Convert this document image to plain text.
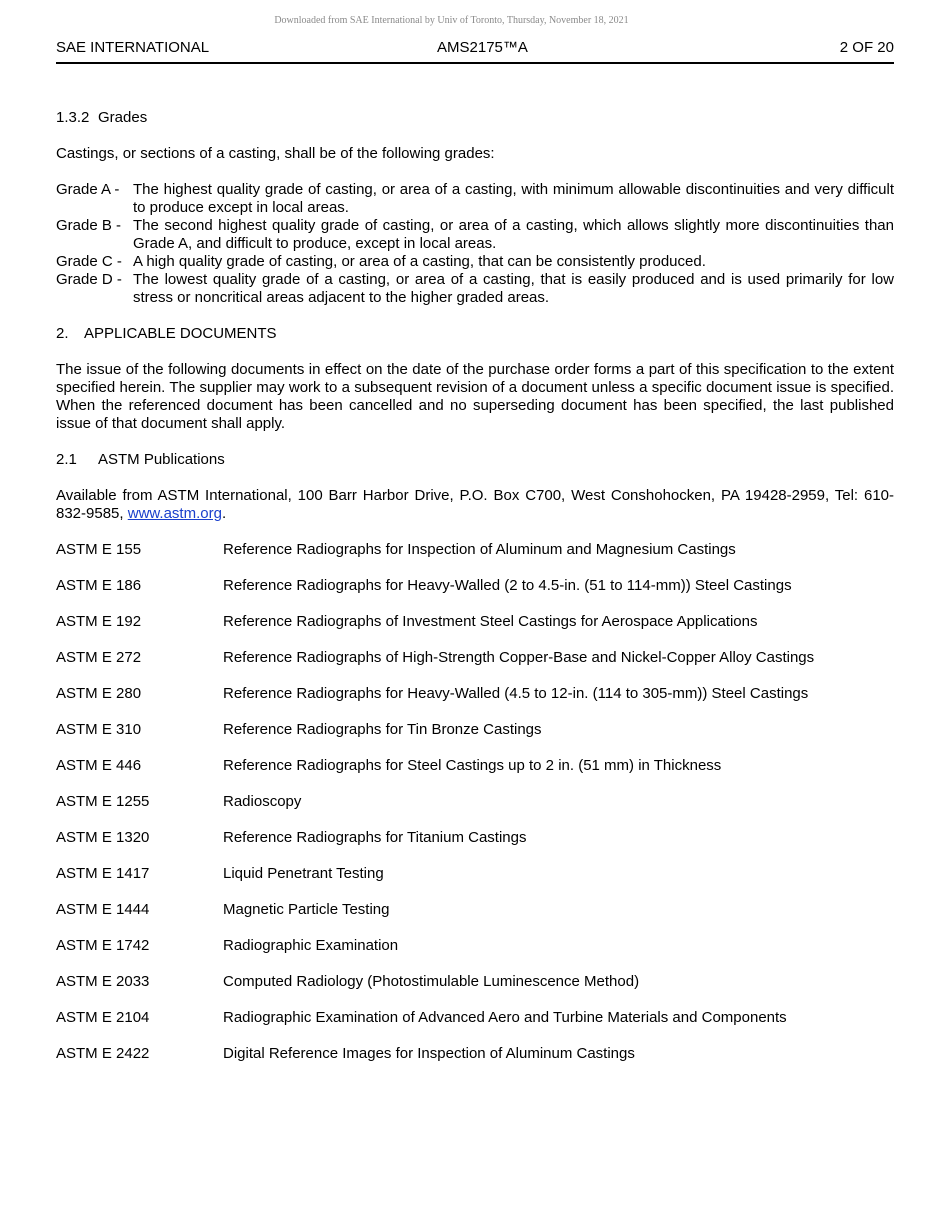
Downloaded from SAE International by Univ of Toronto, Thursday, November 18, 2021
SAE INTERNATIONAL	AMS2175™A	2 OF 20
1.3.2 Grades

Castings, or sections of a casting, shall be of the following grades:

Grade A - The highest quality grade of casting, or area of a casting, with minimum allowable discontinuities and very difficult to produce except in local areas.
Grade B - The second highest quality grade of casting, or area of a casting, which allows slightly more discontinuities than Grade A, and difficult to produce, except in local areas.
Grade C - A high quality grade of casting, or area of a casting, that can be consistently produced.
Grade D - The lowest quality grade of a casting, or area of a casting, that is easily produced and is used primarily for low stress or noncritical areas adjacent to the higher graded areas.
2. APPLICABLE DOCUMENTS

The issue of the following documents in effect on the date of the purchase order forms a part of this specification to the extent specified herein. The supplier may work to a subsequent revision of a document unless a specific document issue is specified. When the referenced document has been cancelled and no superseding document has been specified, the last published issue of that document shall apply.

2.1 ASTM Publications

Available from ASTM International, 100 Barr Harbor Drive, P.O. Box C700, West Conshohocken, PA 19428-2959, Tel: 610-832-9585, www.astm.org.

ASTM E 155	Reference Radiographs for Inspection of Aluminum and Magnesium Castings
ASTM E 186	Reference Radiographs for Heavy-Walled (2 to 4.5-in. (51 to 114-mm)) Steel Castings
ASTM E 192	Reference Radiographs of Investment Steel Castings for Aerospace Applications
ASTM E 272	Reference Radiographs of High-Strength Copper-Base and Nickel-Copper Alloy Castings
ASTM E 280	Reference Radiographs for Heavy-Walled (4.5 to 12-in. (114 to 305-mm)) Steel Castings
ASTM E 310	Reference Radiographs for Tin Bronze Castings
ASTM E 446	Reference Radiographs for Steel Castings up to 2 in. (51 mm) in Thickness
ASTM E 1255	Radioscopy
ASTM E 1320	Reference Radiographs for Titanium Castings
ASTM E 1417	Liquid Penetrant Testing
ASTM E 1444	Magnetic Particle Testing
ASTM E 1742	Radiographic Examination
ASTM E 2033	Computed Radiology (Photostimulable Luminescence Method)
ASTM E 2104	Radiographic Examination of Advanced Aero and Turbine Materials and Components
ASTM E 2422	Digital Reference Images for Inspection of Aluminum Castings
